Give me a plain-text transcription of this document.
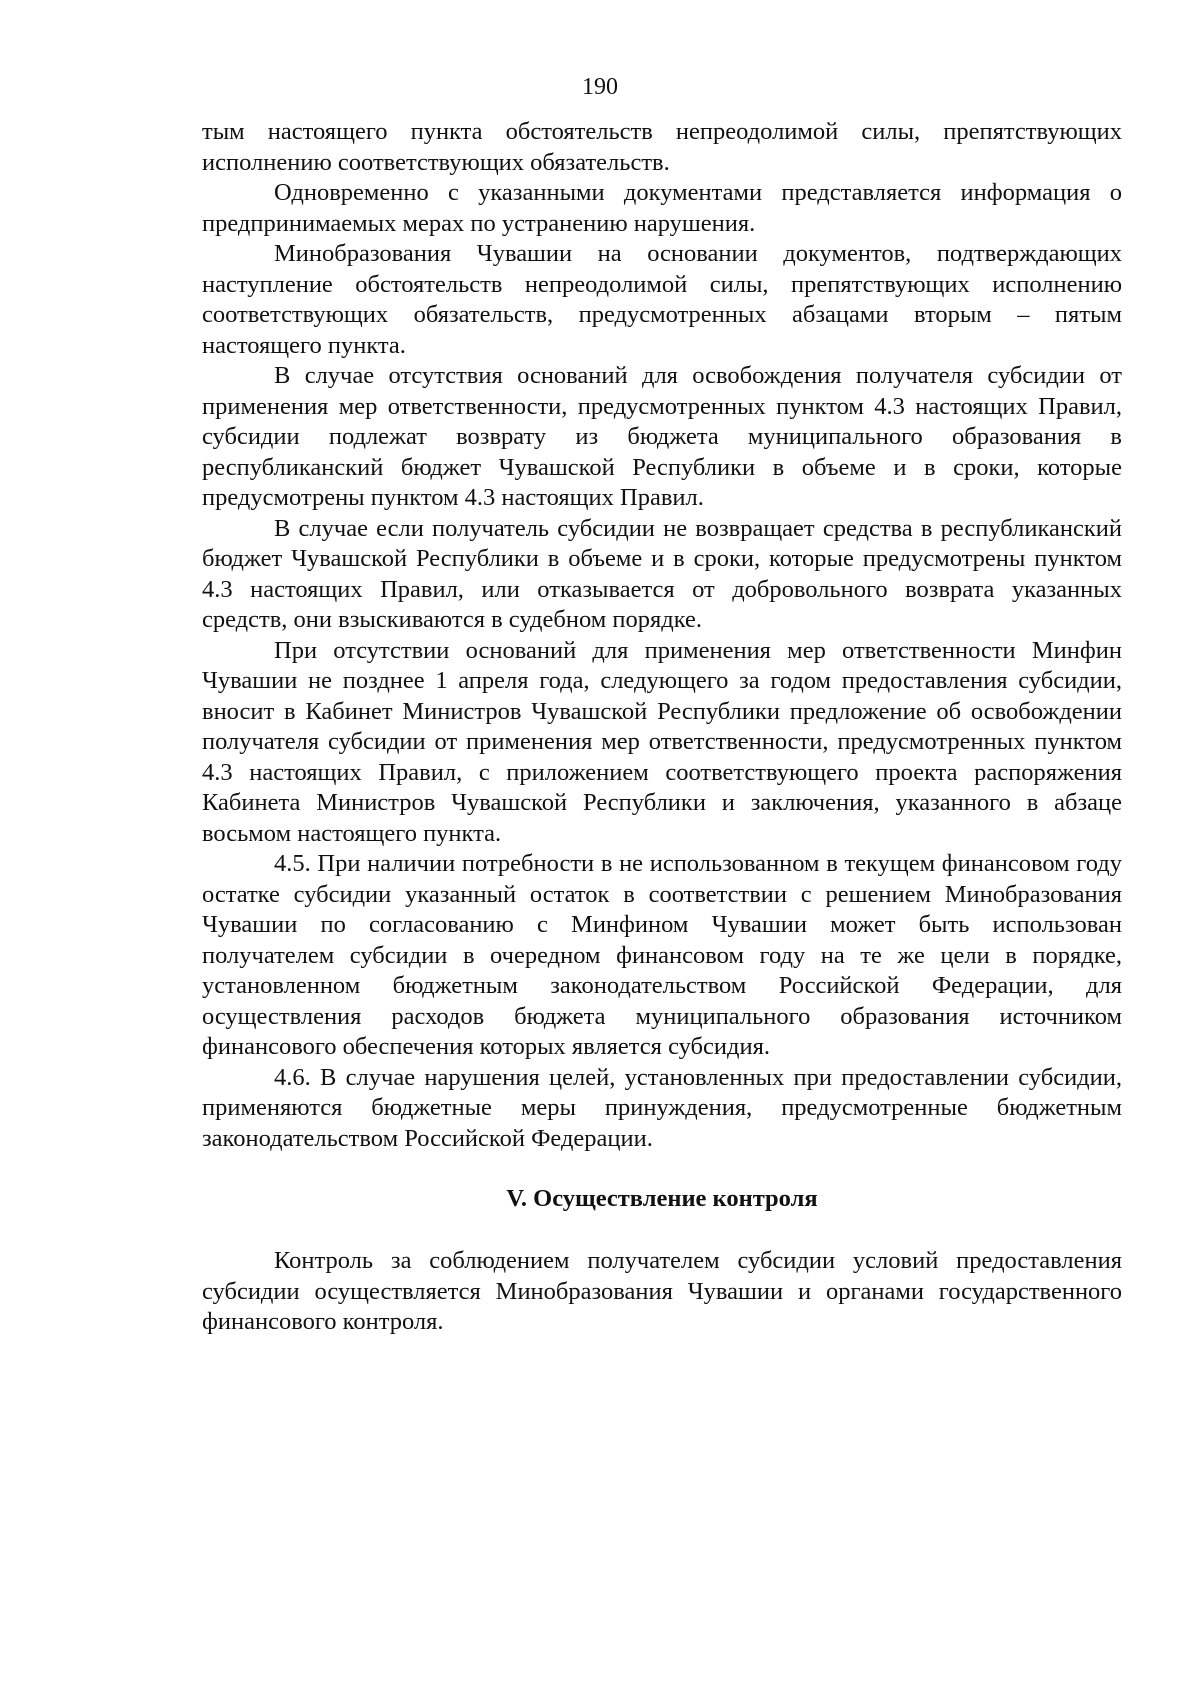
190

тым настоящего пункта обстоятельств непреодолимой силы, препятствующих исполнению соответствующих обязательств.

Одновременно с указанными документами представляется информация о предпринимаемых мерах по устранению нарушения.

Минобразования Чувашии на основании документов, подтверждающих наступление обстоятельств непреодолимой силы, препятствующих исполнению соответствующих обязательств, предусмотренных абзацами вторым – пятым настоящего пункта.

В случае отсутствия оснований для освобождения получателя субсидии от применения мер ответственности, предусмотренных пунктом 4.3 настоящих Правил, субсидии подлежат возврату из бюджета муниципального образования в республиканский бюджет Чувашской Республики в объеме и в сроки, которые предусмотрены пунктом 4.3 настоящих Правил.

В случае если получатель субсидии не возвращает средства в республиканский бюджет Чувашской Республики в объеме и в сроки, которые предусмотрены пунктом 4.3 настоящих Правил, или отказывается от добровольного возврата указанных средств, они взыскиваются в судебном порядке.

При отсутствии оснований для применения мер ответственности Минфин Чувашии не позднее 1 апреля года, следующего за годом предоставления субсидии, вносит в Кабинет Министров Чувашской Республики предложение об освобождении получателя субсидии от применения мер ответственности, предусмотренных пунктом 4.3 настоящих Правил, с приложением соответствующего проекта распоряжения Кабинета Министров Чувашской Республики и заключения, указанного в абзаце восьмом настоящего пункта.

4.5. При наличии потребности в не использованном в текущем финансовом году остатке субсидии указанный остаток в соответствии с решением Минобразования Чувашии по согласованию с Минфином Чувашии может быть использован получателем субсидии в очередном финансовом году на те же цели в порядке, установленном бюджетным законодательством Российской Федерации, для осуществления расходов бюджета муниципального образования источником финансового обеспечения которых является субсидия.

4.6. В случае нарушения целей, установленных при предоставлении субсидии, применяются бюджетные меры принуждения, предусмотренные бюджетным законодательством Российской Федерации.

V. Осуществление контроля

Контроль за соблюдением получателем субсидии условий предоставления субсидии осуществляется Минобразования Чувашии и органами государственного финансового контроля.
